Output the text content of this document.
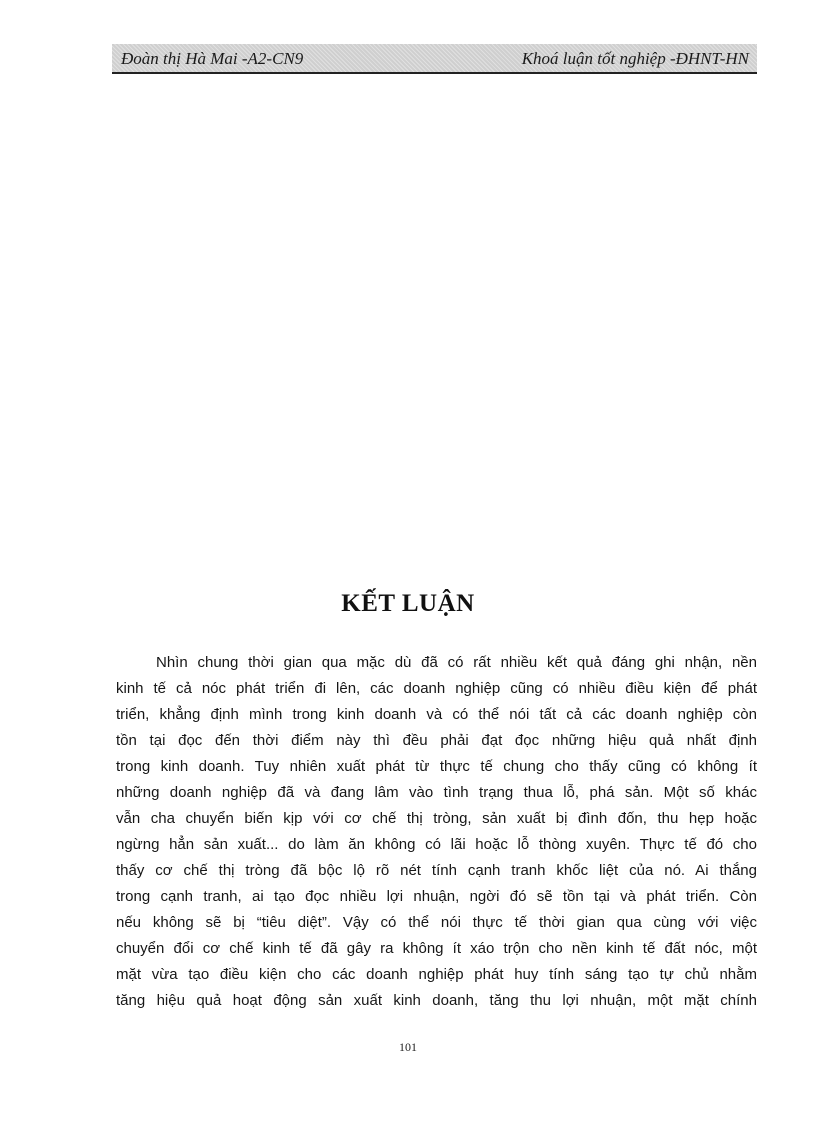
Đoàn thị Hà Mai -A2-CN9	Khoá luận tốt nghiệp -ĐHNT-HN
KẾT LUẬN
Nhìn chung thời gian qua mặc dù đã có rất nhiều kết quả đáng ghi nhận, nền
kinh tế cả nóc phát triển đi lên, các doanh nghiệp cũng có nhiều điều kiện để phát
triển, khẳng định mình trong kinh doanh và có thể nói tất cả các doanh nghiệp còn
tồn tại đọc đến thời điểm này thì đều phải đạt đọc những hiệu quả nhất định
trong kinh doanh. Tuy nhiên xuất phát từ thực tế chung cho thấy cũng có không ít
những doanh nghiệp đã và đang lâm vào tình trạng thua lỗ, phá sản. Một số khác
vẫn cha chuyển biến kịp với cơ chế thị tròng, sản xuất bị đình đốn, thu hẹp hoặc
ngừng hẳn sản xuất... do làm ăn không có lãi hoặc lỗ thòng xuyên. Thực tế đó cho
thấy cơ chế thị tròng đã bộc lộ rõ nét tính cạnh tranh khốc liệt của nó. Ai thắng
trong cạnh tranh, ai tạo đọc nhiều lợi nhuận, ngời đó sẽ tồn tại và phát triển. Còn
nếu không sẽ bị “tiêu diệt”. Vậy có thể nói thực tế thời gian qua cùng với việc
chuyển đổi cơ chế kinh tế đã gây ra không ít xáo trộn cho nền kinh tế đất nóc, một
mặt vừa tạo điều kiện cho các doanh nghiệp phát huy tính sáng tạo tự chủ nhằm
tăng hiệu quả hoạt động sản xuất kinh doanh, tăng thu lợi nhuận, một mặt chính
101
